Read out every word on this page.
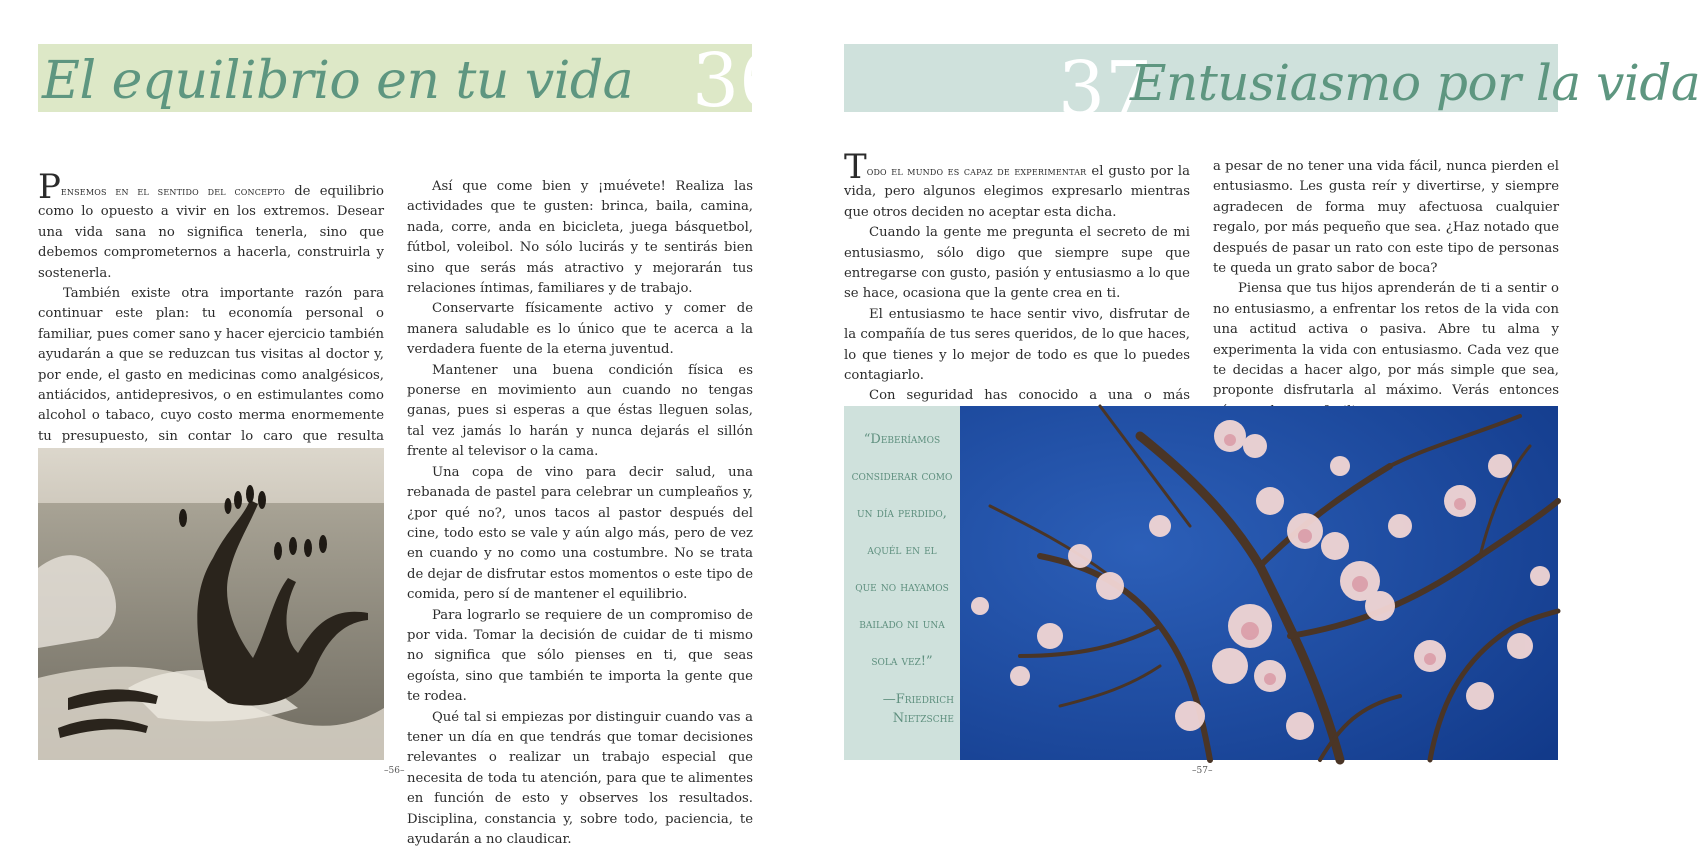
36
El equilibrio en tu vida

Pensemos en el sentido del concepto de equilibrio como lo opuesto a vivir en los extremos. Desear una vida sana no significa tenerla, sino que debemos comprometernos a hacerla, construirla y sostenerla.

También existe otra importante razón para continuar este plan: tu economía personal o familiar, pues comer sano y hacer ejercicio también ayudarán a que se reduzcan tus visitas al doctor y, por ende, el gasto en medicinas como analgésicos, antiácidos, antidepresivos, o en estimulantes como alcohol o tabaco, cuyo costo merma enormemente tu presupuesto, sin contar lo caro que resulta

Así que come bien y ¡muévete! Realiza las actividades que te gusten: brinca, baila, camina, nada, corre, anda en bicicleta, juega básquetbol, fútbol, voleibol. No sólo lucirás y te sentirás bien sino que serás más atractivo y mejorarán tus relaciones íntimas, familiares y de trabajo.

Conservarte físicamente activo y comer de manera saludable es lo único que te acerca a la verdadera fuente de la eterna juventud.

Mantener una buena condición física es ponerse en movimiento aun cuando no tengas ganas, pues si esperas a que éstas lleguen solas, tal vez jamás lo harán y nunca dejarás el sillón frente al televisor o la cama.

Una copa de vino para decir salud, una rebanada de pastel para celebrar un cumpleaños y, ¿por qué no?, unos tacos al pastor después del cine, todo esto se vale y aún algo más, pero de vez en cuando y no como una costumbre. No se trata de dejar de disfrutar estos momentos o este tipo de comida, pero sí de mantener el equilibrio.

Para lograrlo se requiere de un compromiso de por vida. Tomar la decisión de cuidar de ti mismo no significa que sólo pienses en ti, que seas egoísta, sino que también te importa la gente que te rodea.

Qué tal si empiezas por distinguir cuando vas a tener un día en que tendrás que tomar decisiones relevantes o realizar un trabajo especial que necesita de toda tu atención, para que te alimentes en función de esto y observes los resultados. Disciplina, constancia y, sobre todo, paciencia, te ayudarán a no claudicar.

–56–
37
Entusiasmo por la vida

Todo el mundo es capaz de experimentar el gusto por la vida, pero algunos elegimos expresarlo mientras que otros deciden no aceptar esta dicha.

Cuando la gente me pregunta el secreto de mi entusiasmo, sólo digo que siempre supe que entregarse con gusto, pasión y entusiasmo a lo que se hace, ocasiona que la gente crea en ti.

El entusiasmo te hace sentir vivo, disfrutar de la compañía de tus seres queridos, de lo que haces, lo que tienes y lo mejor de todo es que lo puedes contagiarlo.

Con seguridad has conocido a una o más

a pesar de no tener una vida fácil, nunca pierden el entusiasmo. Les gusta reír y divertirse, y siempre agradecen de forma muy afectuosa cualquier regalo, por más pequeño que sea. ¿Haz notado que después de pasar un rato con este tipo de personas te queda un grato sabor de boca?

Piensa que tus hijos aprenderán de ti a sentir o no entusiasmo, a enfrentar los retos de la vida con una actitud activa o pasiva. Abre tu alma y experimenta la vida con entusiasmo. Cada vez que te decidas a hacer algo, por más simple que sea, proponte disfrutarla al máximo. Verás entonces

“Deberíamos
considerar como
un día perdido,
aquél en el
que no hayamos
bailado ni una
sola vez!”
—Friedrich
Nietzsche
–57–
